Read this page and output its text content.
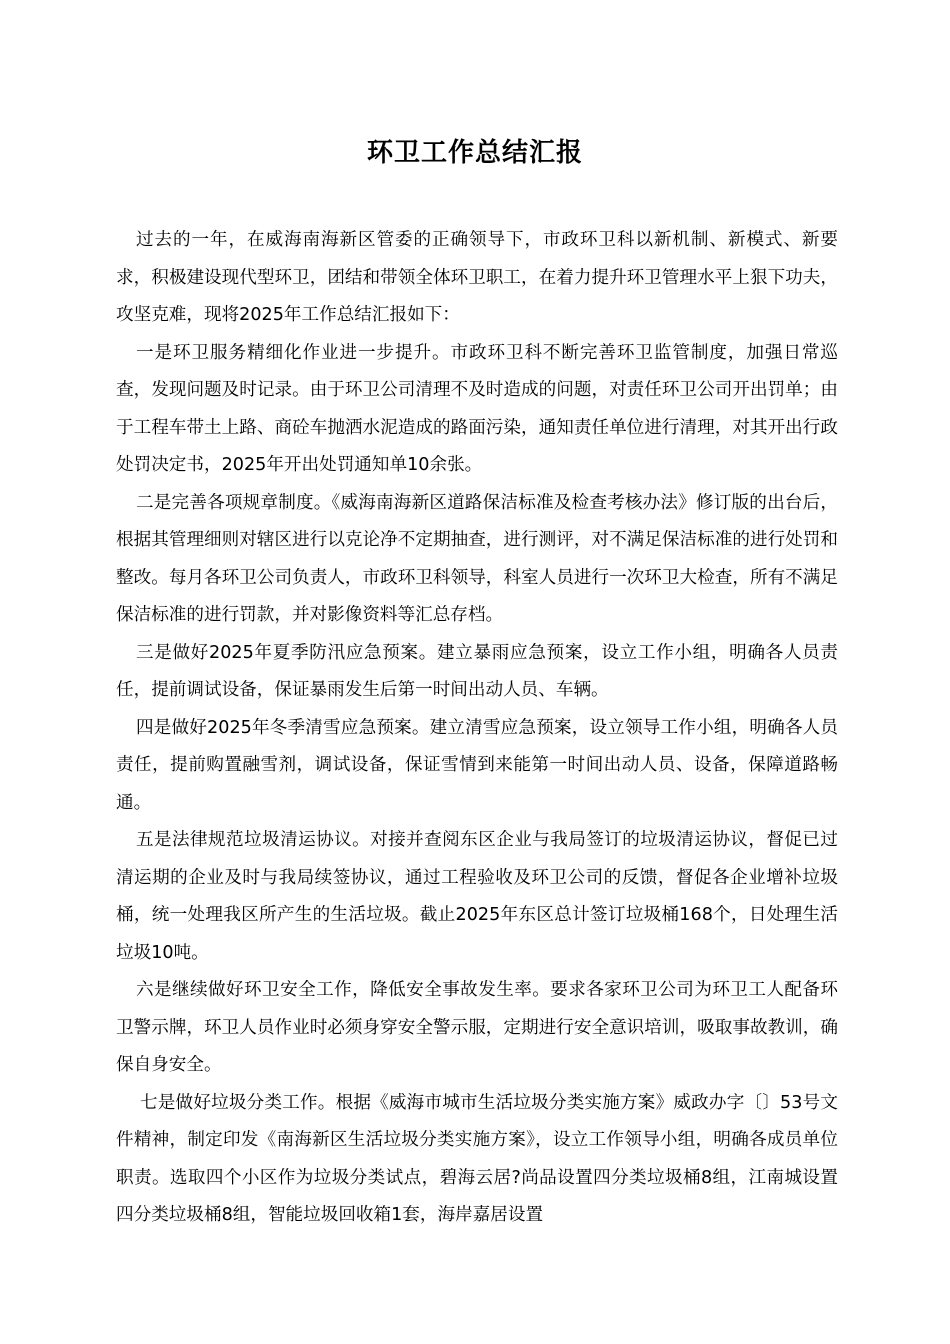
环卫工作总结汇报

过去的一年，在威海南海新区管委的正确领导下，市政环卫科以新机制、新模式、新要求，积极建设现代型环卫，团结和带领全体环卫职工，在着力提升环卫管理水平上狠下功夫，攻坚克难，现将2025年工作总结汇报如下：

一是环卫服务精细化作业进一步提升。市政环卫科不断完善环卫监管制度，加强日常巡查，发现问题及时记录。由于环卫公司清理不及时造成的问题，对责任环卫公司开出罚单；由于工程车带土上路、商砼车抛洒水泥造成的路面污染，通知责任单位进行清理，对其开出行政处罚决定书，2025年开出处罚通知单10余张。

二是完善各项规章制度。《威海南海新区道路保洁标准及检查考核办法》修订版的出台后，根据其管理细则对辖区进行以克论净不定期抽查，进行测评，对不满足保洁标准的进行处罚和整改。每月各环卫公司负责人，市政环卫科领导，科室人员进行一次环卫大检查，所有不满足保洁标准的进行罚款，并对影像资料等汇总存档。

三是做好2025年夏季防汛应急预案。建立暴雨应急预案，设立工作小组，明确各人员责任，提前调试设备，保证暴雨发生后第一时间出动人员、车辆。

四是做好2025年冬季清雪应急预案。建立清雪应急预案，设立领导工作小组，明确各人员责任，提前购置融雪剂，调试设备，保证雪情到来能第一时间出动人员、设备，保障道路畅通。

五是法律规范垃圾清运协议。对接并查阅东区企业与我局签订的垃圾清运协议，督促已过清运期的企业及时与我局续签协议，通过工程验收及环卫公司的反馈，督促各企业增补垃圾桶，统一处理我区所产生的生活垃圾。截止2025年东区总计签订垃圾桶168个，日处理生活垃圾10吨。

六是继续做好环卫安全工作，降低安全事故发生率。要求各家环卫公司为环卫工人配备环卫警示牌，环卫人员作业时必须身穿安全警示服，定期进行安全意识培训，吸取事故教训，确保自身安全。

七是做好垃圾分类工作。根据《威海市城市生活垃圾分类实施方案》威政办字〔〕53号文件精神，制定印发《南海新区生活垃圾分类实施方案》，设立工作领导小组，明确各成员单位职责。选取四个小区作为垃圾分类试点，碧海云居?尚品设置四分类垃圾桶8组，江南城设置四分类垃圾桶8组，智能垃圾回收箱1套，海岸嘉居设置
